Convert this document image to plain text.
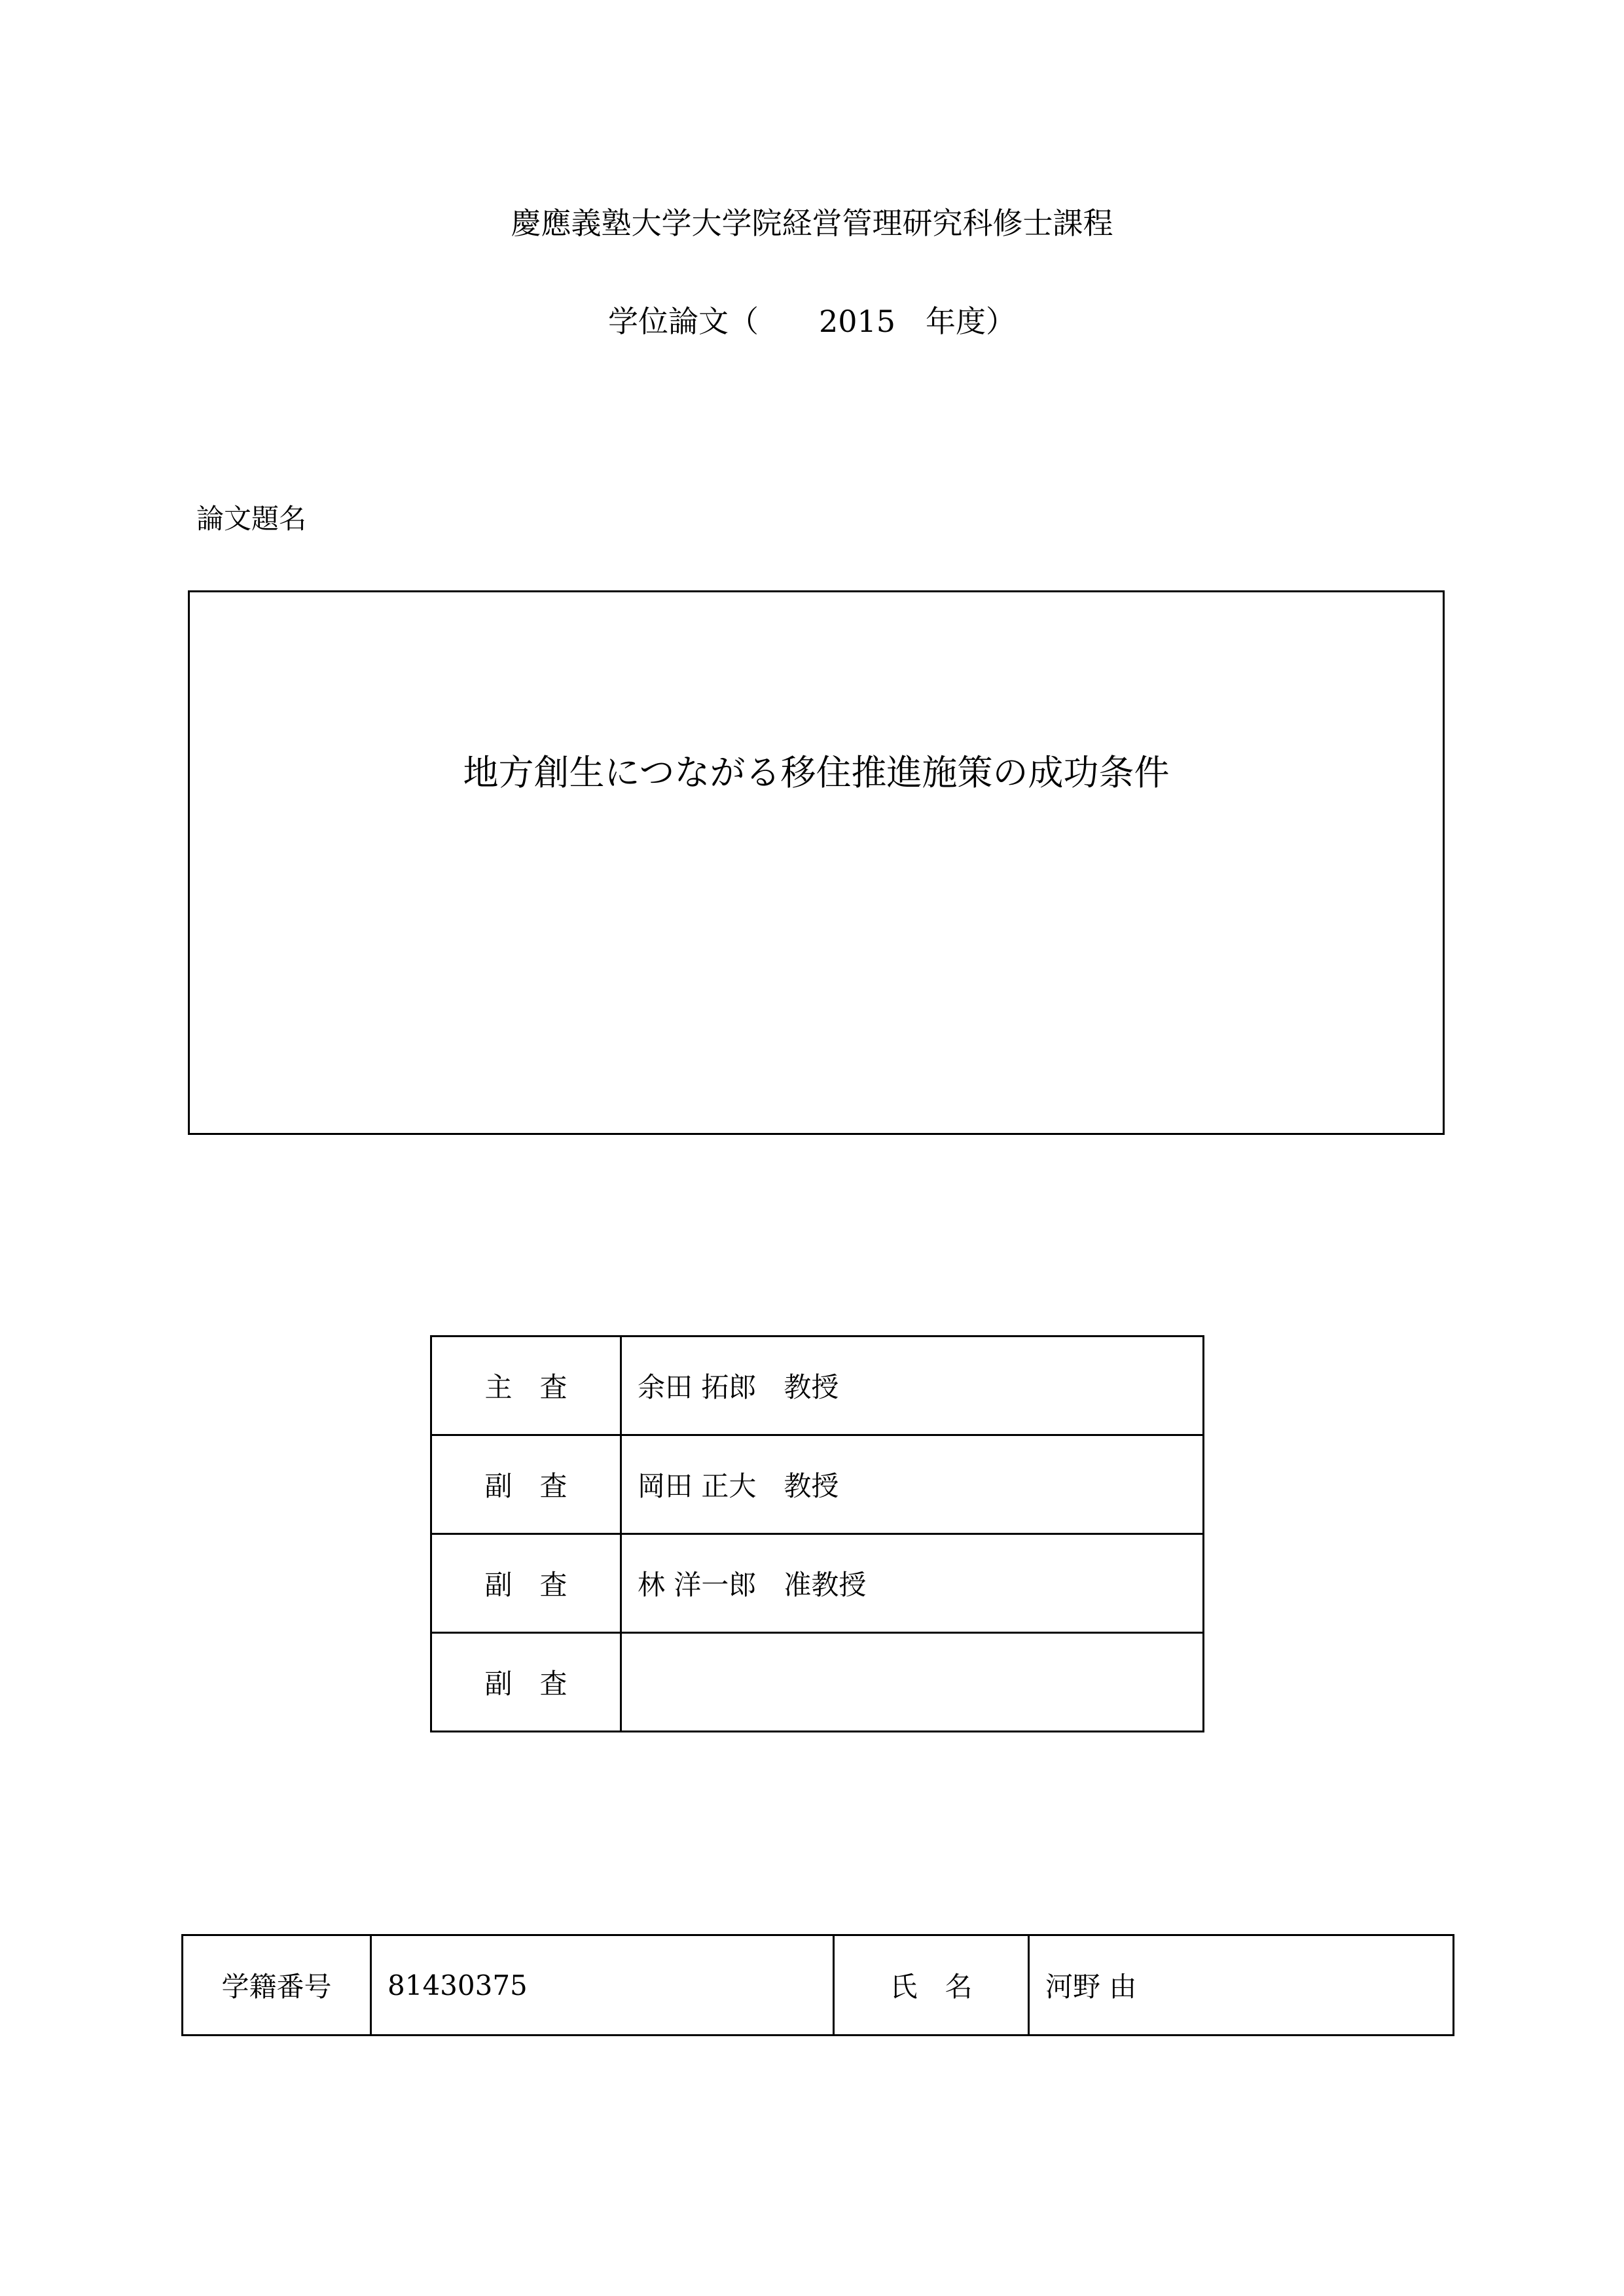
慶應義塾大学大学院経営管理研究科修士課程
学位論文（　　2015　年度）
論文題名
地方創生につながる移住推進施策の成功条件
主　査	余田 拓郎　教授
副　査	岡田 正大　教授
副　査	林 洋一郎　准教授
副　査	
学籍番号	81430375	氏　名	河野 由
